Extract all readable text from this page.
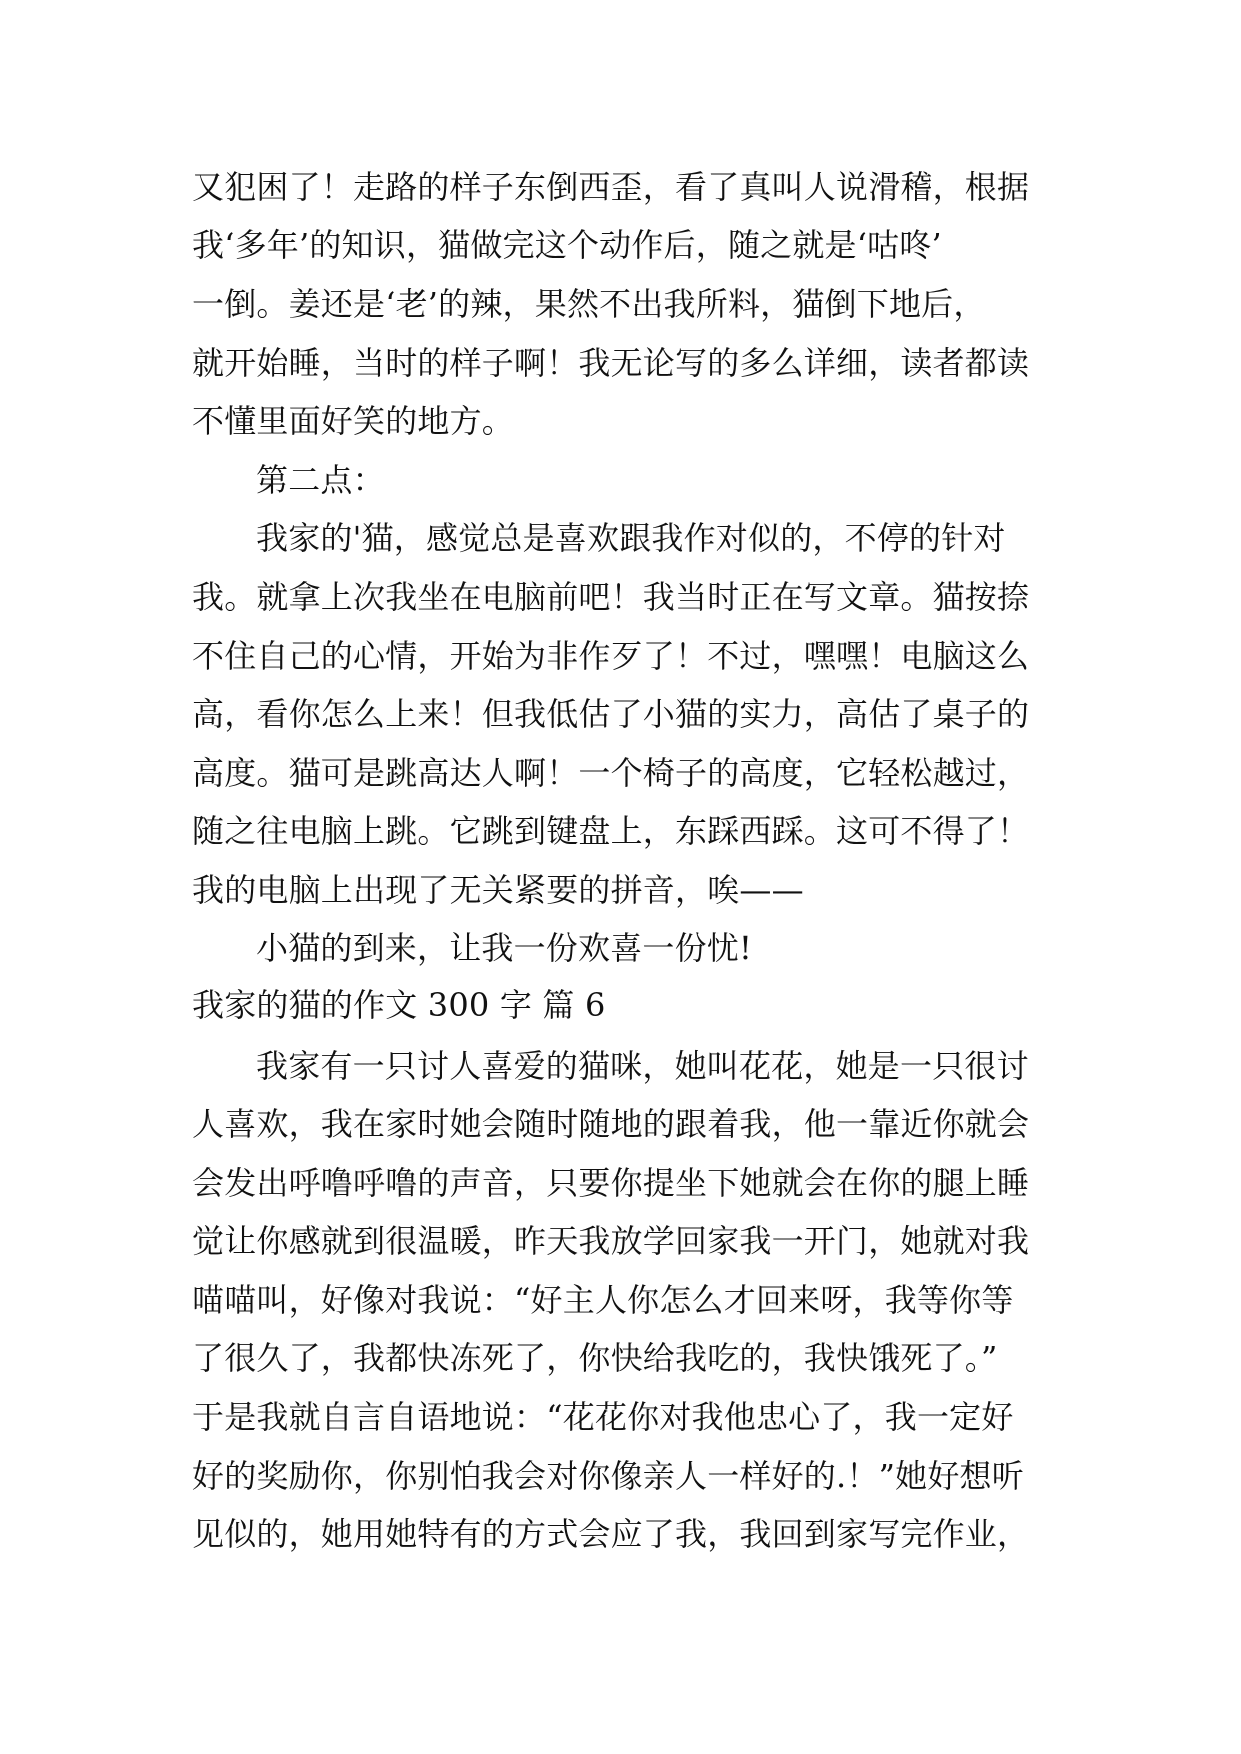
又犯困了！走路的样子东倒西歪，看了真叫人说滑稽，根据
我‘多年’的知识，猫做完这个动作后，随之就是‘咕咚’
一倒。姜还是‘老’的辣，果然不出我所料，猫倒下地后，
就开始睡，当时的样子啊！我无论写的多么详细，读者都读
不懂里面好笑的地方。
第二点：
我家的'猫，感觉总是喜欢跟我作对似的，不停的针对
我。就拿上次我坐在电脑前吧！我当时正在写文章。猫按捺
不住自己的心情，开始为非作歹了！不过，嘿嘿！电脑这么
高，看你怎么上来！但我低估了小猫的实力，高估了桌子的
高度。猫可是跳高达人啊！一个椅子的高度，它轻松越过，
随之往电脑上跳。它跳到键盘上，东踩西踩。这可不得了！
我的电脑上出现了无关紧要的拼音，唉——
小猫的到来，让我一份欢喜一份忧!
我家的猫的作文 300 字 篇 6
我家有一只讨人喜爱的猫咪，她叫花花，她是一只很讨
人喜欢，我在家时她会随时随地的跟着我，他一靠近你就会
会发出呼噜呼噜的声音，只要你提坐下她就会在你的腿上睡
觉让你感就到很温暖，昨天我放学回家我一开门，她就对我
喵喵叫，好像对我说：“好主人你怎么才回来呀，我等你等
了很久了，我都快冻死了，你快给我吃的，我快饿死了。”
于是我就自言自语地说：“花花你对我他忠心了，我一定好
好的奖励你，你别怕我会对你像亲人一样好的.！”她好想听
见似的，她用她特有的方式会应了我，我回到家写完作业，
